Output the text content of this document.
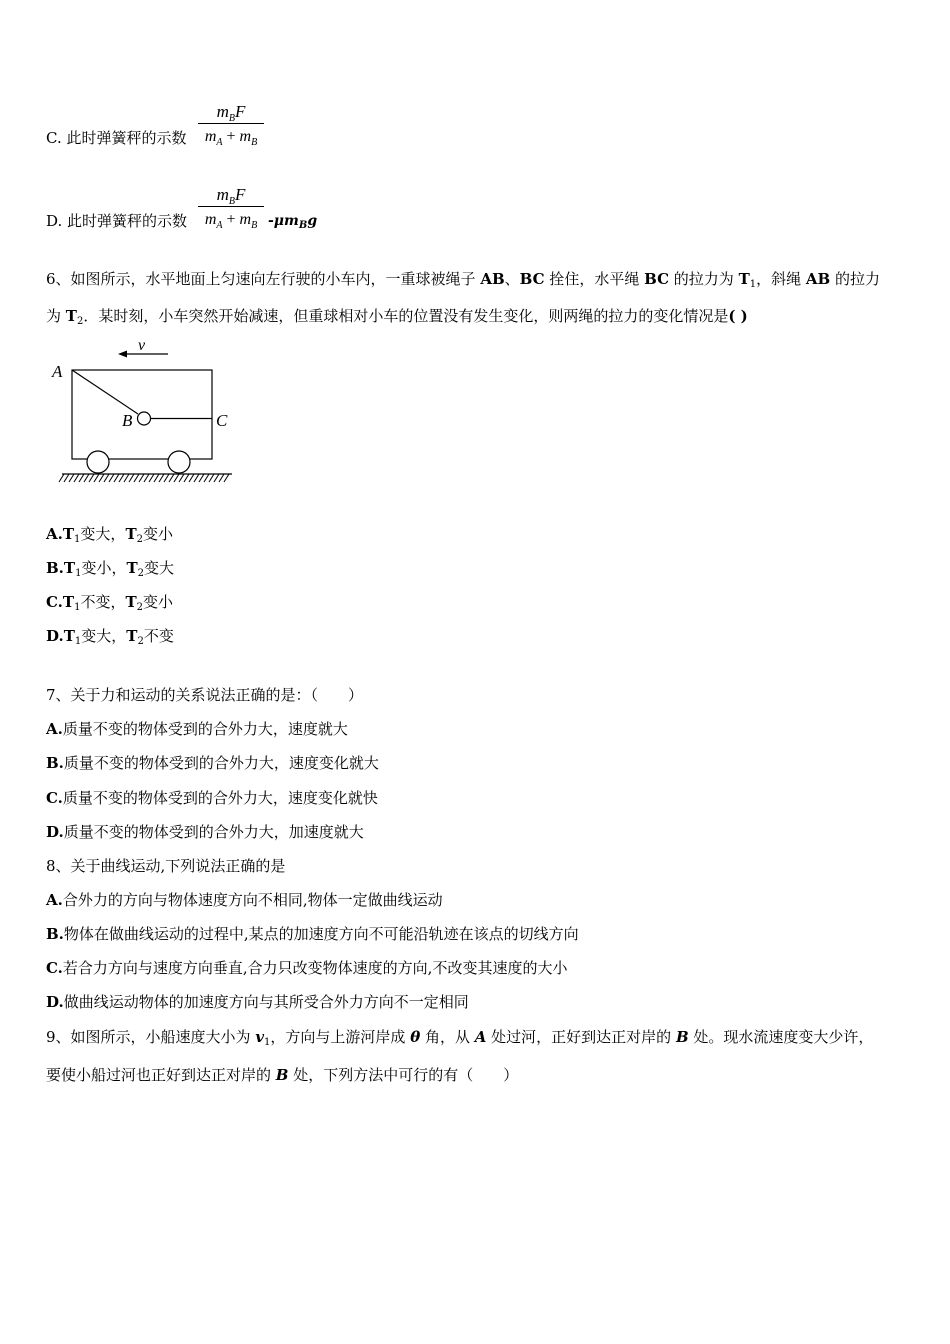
C. 此时弹簧秤的示数
$m_BF$
$m_A + m_B$
D. 此时弹簧秤的示数
$m_BF$
$m_A + m_B$ $-\mu m_Bg$
6、如图所示，水平地面上匀速向左行驶的小车内，一重球被绳子 AB、BC 拴住，水平绳 BC 的拉力为 $T_1$，斜绳 AB 的拉力
为 $T_2$．某时刻，小车突然开始减速，但重球相对小车的位置没有发生变化，则两绳的拉力的变化情况是( )
v
A
B	C
$A.T_1$变大，$T_2$变小
$B.T_1$变小，$T_2$变大
$C.T_1$不变，$T_2$变小
$D.T_1$变大，$T_2$不变
7、关于力和运动的关系说法正确的是：（　　）
A.质量不变的物体受到的合外力大，速度就大
B.质量不变的物体受到的合外力大，速度变化就大
C.质量不变的物体受到的合外力大，速度变化就快
D.质量不变的物体受到的合外力大，加速度就大
8、关于曲线运动,下列说法正确的是
A.合外力的方向与物体速度方向不相同,物体一定做曲线运动
B.物体在做曲线运动的过程中,某点的加速度方向不可能沿轨迹在该点的切线方向
C.若合力方向与速度方向垂直,合力只改变物体速度的方向,不改变其速度的大小
D.做曲线运动物体的加速度方向与其所受合外力方向不一定相同
9、如图所示，小船速度大小为 $v_1$，方向与上游河岸成 θ 角，从 A 处过河，正好到达正对岸的 B 处。现水流速度变大少许，
要使小船过河也正好到达正对岸的 B 处，下列方法中可行的有（　　）
